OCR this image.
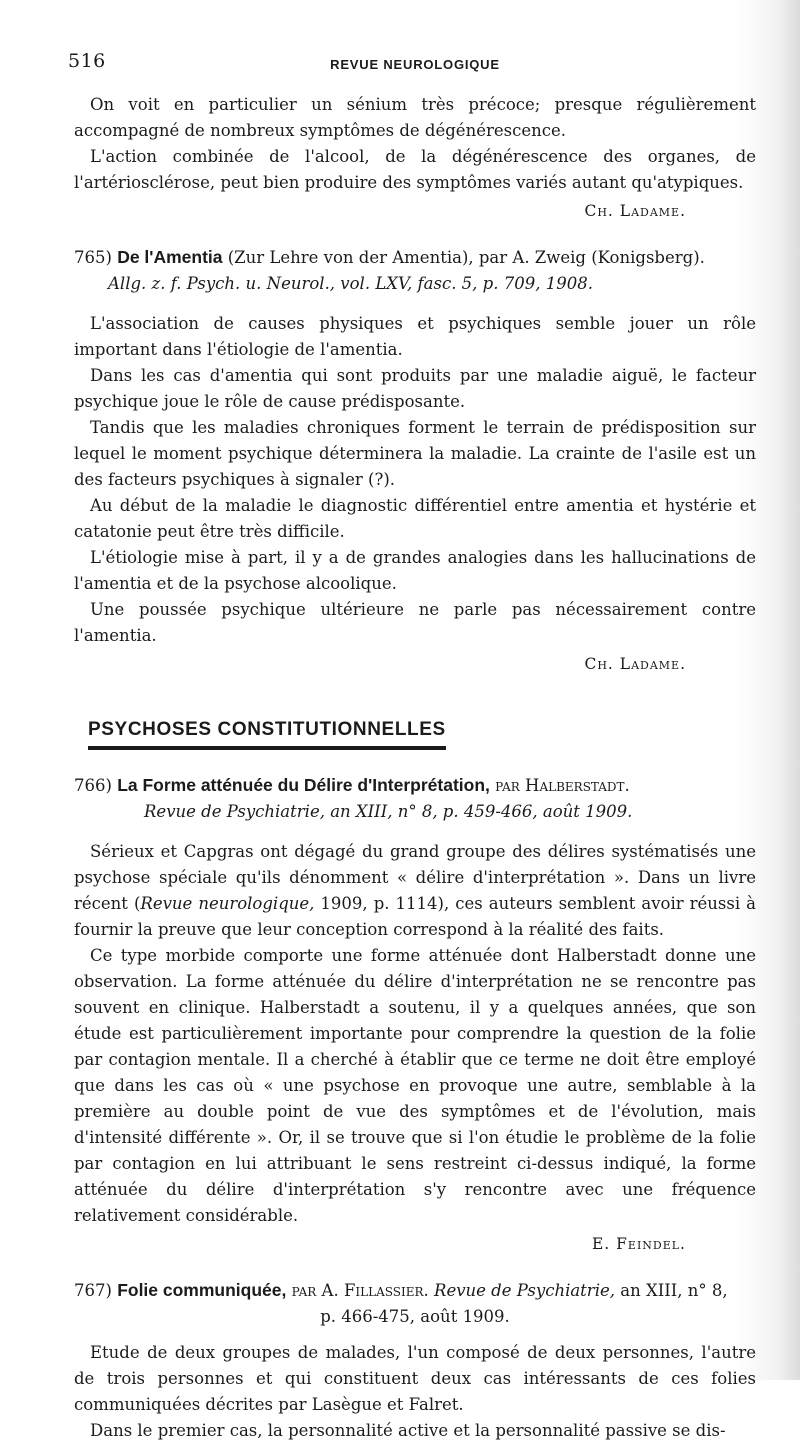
516	REVUE NEUROLOGIQUE

On voit en particulier un sénium très précoce; presque régulièrement accompagné de nombreux symptômes de dégénérescence.

L'action combinée de l'alcool, de la dégénérescence des organes, de l'artériosclérose, peut bien produire des symptômes variés autant qu'atypiques.

Ch. Ladame.

765) De l'Amentia (Zur Lehre von der Amentia), par A. Zweig (Konigsberg).

Allg. z. f. Psych. u. Neurol., vol. LXV, fasc. 5, p. 709, 1908.

L'association de causes physiques et psychiques semble jouer un rôle important dans l'étiologie de l'amentia.

Dans les cas d'amentia qui sont produits par une maladie aiguë, le facteur psychique joue le rôle de cause prédisposante.

Tandis que les maladies chroniques forment le terrain de prédisposition sur lequel le moment psychique déterminera la maladie. La crainte de l'asile est un des facteurs psychiques à signaler (?).

Au début de la maladie le diagnostic différentiel entre amentia et hystérie et catatonie peut être très difficile.

L'étiologie mise à part, il y a de grandes analogies dans les hallucinations de l'amentia et de la psychose alcoolique.

Une poussée psychique ultérieure ne parle pas nécessairement contre l'amentia.

Ch. Ladame.

PSYCHOSES CONSTITUTIONNELLES

766) La Forme atténuée du Délire d'Interprétation, par Halberstadt.

Revue de Psychiatrie, an XIII, n° 8, p. 459-466, août 1909.

Sérieux et Capgras ont dégagé du grand groupe des délires systématisés une psychose spéciale qu'ils dénomment « délire d'interprétation ». Dans un livre récent (Revue neurologique, 1909, p. 1114), ces auteurs semblent avoir réussi à fournir la preuve que leur conception correspond à la réalité des faits.

Ce type morbide comporte une forme atténuée dont Halberstadt donne une observation. La forme atténuée du délire d'interprétation ne se rencontre pas souvent en clinique. Halberstadt a soutenu, il y a quelques années, que son étude est particulièrement importante pour comprendre la question de la folie par contagion mentale. Il a cherché à établir que ce terme ne doit être employé que dans les cas où « une psychose en provoque une autre, semblable à la première au double point de vue des symptômes et de l'évolution, mais d'intensité différente ». Or, il se trouve que si l'on étudie le problème de la folie par contagion en lui attribuant le sens restreint ci-dessus indiqué, la forme atténuée du délire d'interprétation s'y rencontre avec une fréquence relativement considérable.

E. Feindel.

767) Folie communiquée, par A. Fillassier. Revue de Psychiatrie, an XIII, n° 8,

p. 466-475, août 1909.

Etude de deux groupes de malades, l'un composé de deux personnes, l'autre de trois personnes et qui constituent deux cas intéressants de ces folies communiquées décrites par Lasègue et Falret.

Dans le premier cas, la personnalité active et la personnalité passive se dis-
